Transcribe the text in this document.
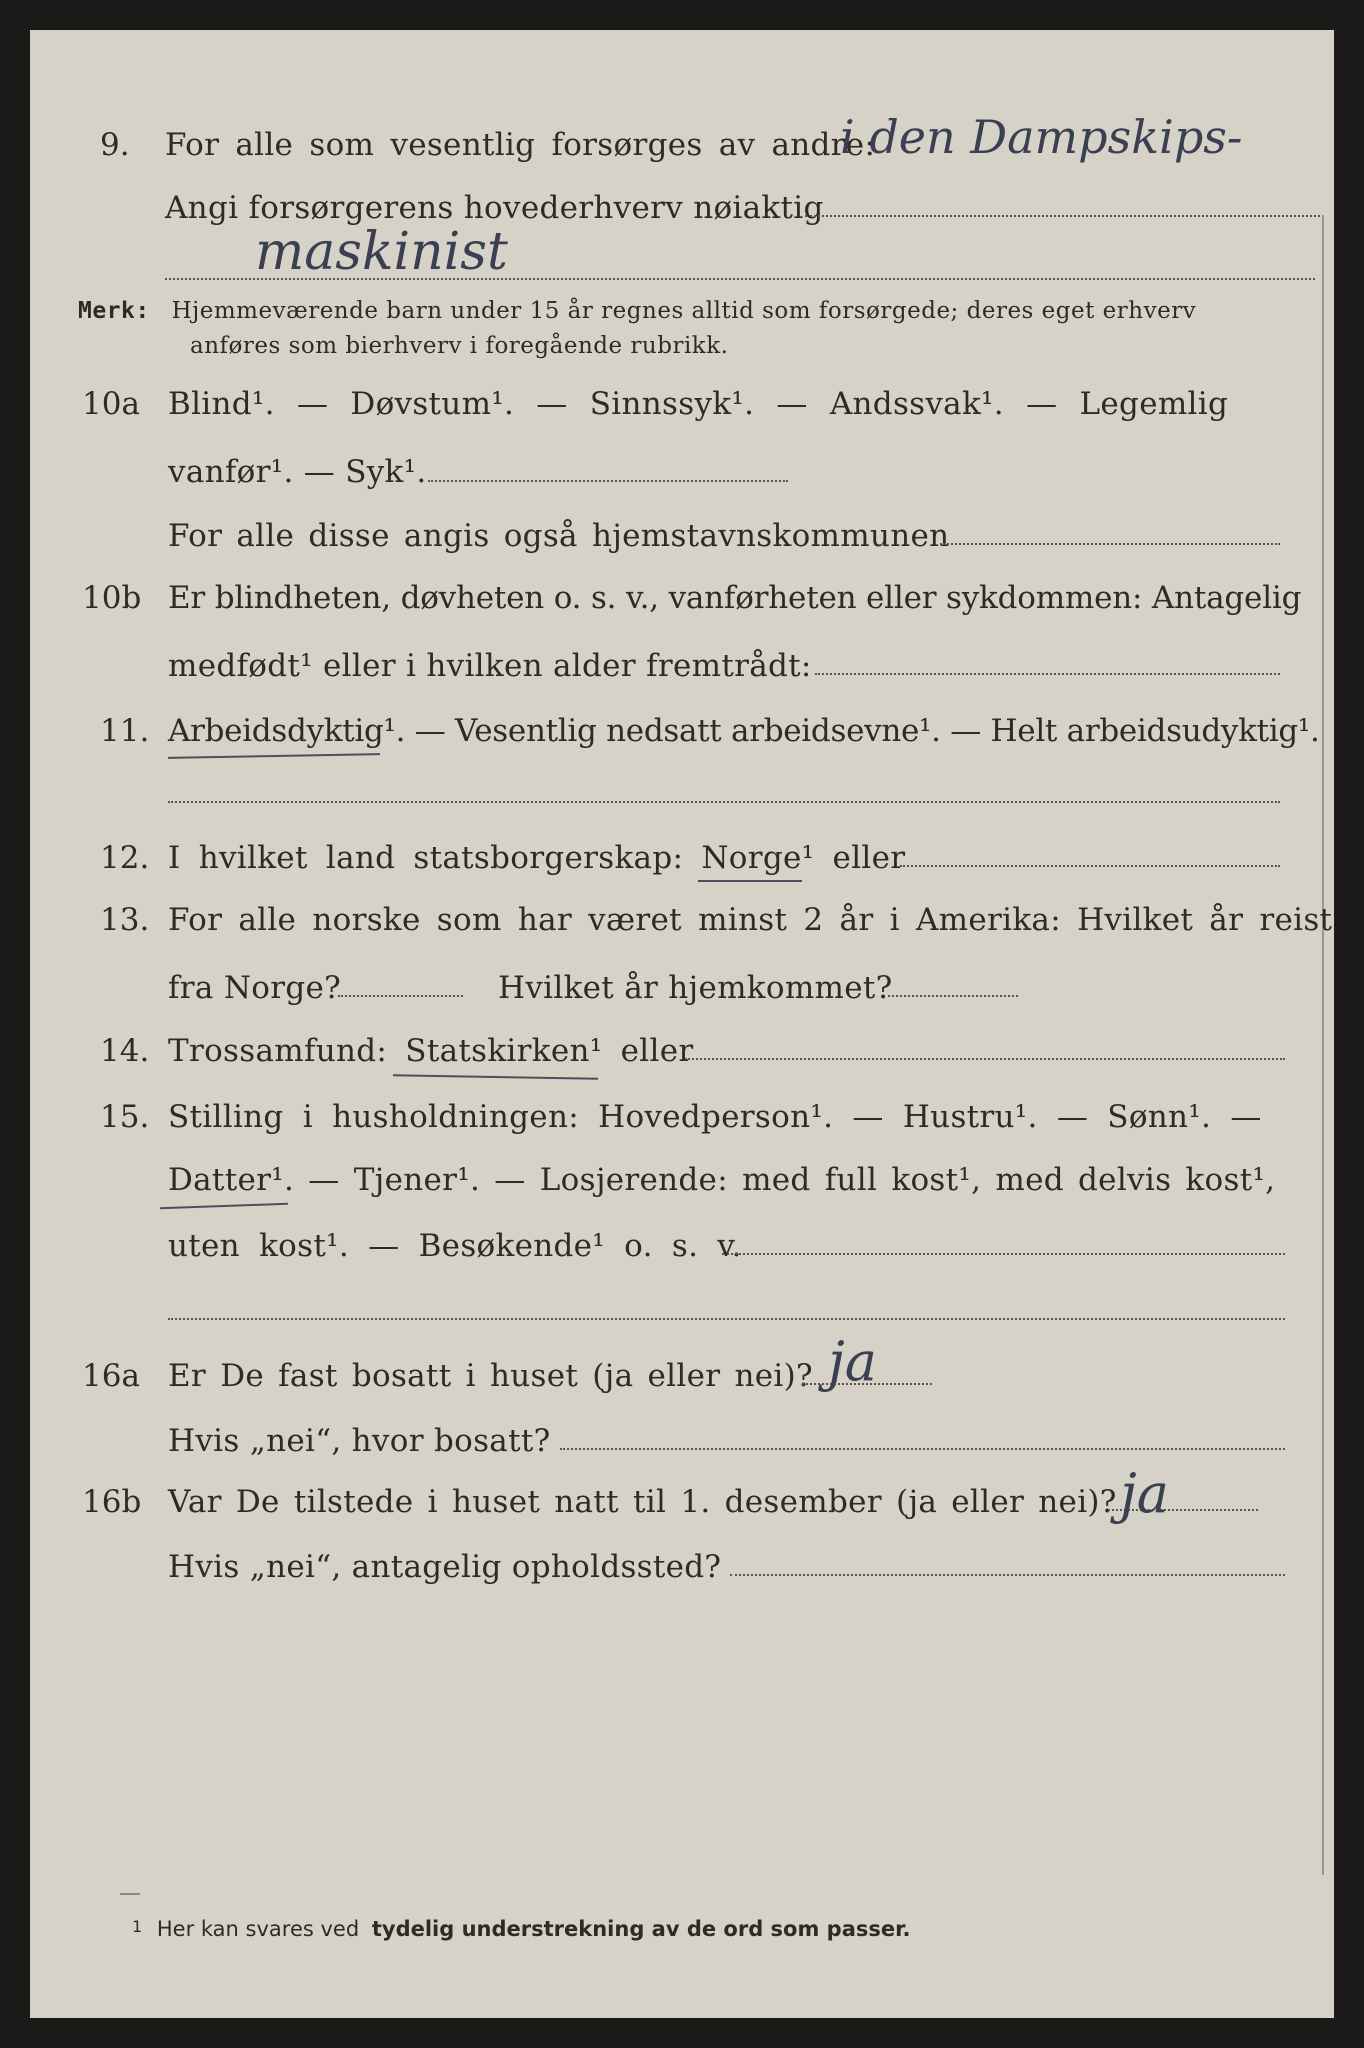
9. For alle som vesentlig forsørges av andre:
i den Dampskips-
Angi forsørgerens hovederhverv nøiaktig
maskinist
Merk: Hjemmeværende barn under 15 år regnes alltid som forsørgede; deres eget erhverv
anføres som bierhverv i foregående rubrikk.
10a Blind¹. — Døvstum¹. — Sinnssyk¹. — Andssvak¹. — Legemlig
vanfør¹. — Syk¹.
For alle disse angis også hjemstavnskommunen
10b Er blindheten, døvheten o. s. v., vanførheten eller sykdommen: Antagelig
medfødt¹ eller i hvilken alder fremtrådt:
11. Arbeidsdyktig¹. — Vesentlig nedsatt arbeidsevne¹. — Helt arbeidsudyktig¹.
12. I hvilket land statsborgerskap: Norge¹ eller
13. For alle norske som har været minst 2 år i Amerika: Hvilket år reist
fra Norge?	Hvilket år hjemkommet?
14. Trossamfund: Statskirken¹ eller
15. Stilling i husholdningen: Hovedperson¹. — Hustru¹. — Sønn¹. —
Datter¹. — Tjener¹. — Losjerende: med full kost¹, med delvis kost¹,
uten kost¹. — Besøkende¹ o. s. v.
16a Er De fast bosatt i huset (ja eller nei)? ja
Hvis „nei“, hvor bosatt?
16b Var De tilstede i huset natt til 1. desember (ja eller nei)? ja
Hvis „nei“, antagelig opholdssted?
$^1$ Her kan svares ved tydelig understrekning av de ord som passer.
